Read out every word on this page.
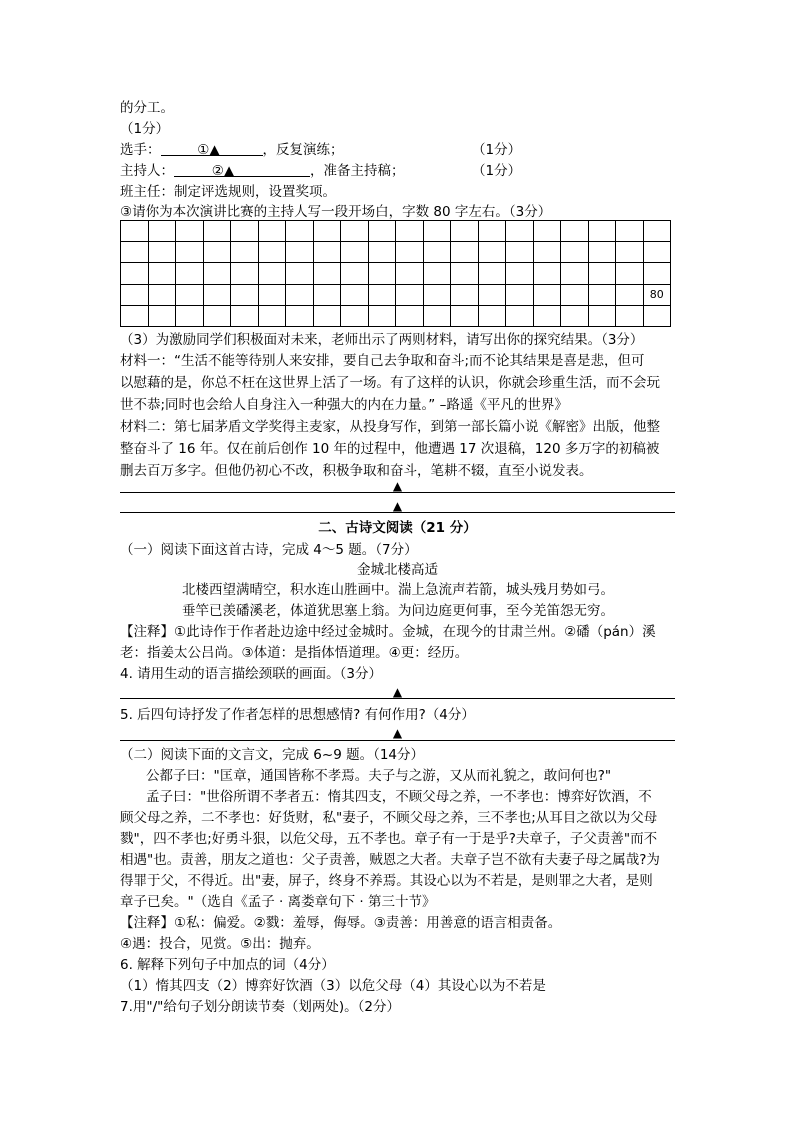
的分工。
（1分）
选手：	①▲	，反复演练；	（1分）
主持人：	②▲	，准备主持稿；	（1分）
班主任：制定评选规则，设置奖项。
③请你为本次演讲比赛的主持人写一段开场白，字数 80 字左右。（3分）

																			80

（3）为激励同学们积极面对未来，老师出示了两则材料，请写出你的探究结果。（3分）
材料一：“生活不能等待别人来安排，要自己去争取和奋斗;而不论其结果是喜是悲，但可
以慰藉的是，你总不枉在这世界上活了一场。有了这样的认识，你就会珍重生活，而不会玩
世不恭;同时也会给人自身注入一种强大的内在力量。” –路遥《平凡的世界》
材料二：第七届茅盾文学奖得主麦家，从投身写作，到第一部长篇小说《解密》出版，他整
整奋斗了 16 年。仅在前后创作 10 年的过程中，他遭遇 17 次退稿，120 多万字的初稿被
删去百万多字。但他仍初心不改，积极争取和奋斗，笔耕不辍，直至小说发表。
▲
▲
二、古诗文阅读（21 分）
（一）阅读下面这首古诗，完成 4～5 题。（7分）
金城北楼高适
北楼西望满晴空，积水连山胜画中。湍上急流声若箭，城头残月势如弓。
垂竿已羡磻溪老，体道犹思塞上翁。为问边庭更何事，至今羌笛怨无穷。
【注释】①此诗作于作者赴边途中经过金城时。金城，在现今的甘肃兰州。②磻（pán）溪
老：指姜太公吕尚。③体道：是指体悟道理。④更：经历。
4. 请用生动的语言描绘颈联的画面。（3分）
▲
5. 后四句诗抒发了作者怎样的思想感情? 有何作用?（4分）
▲
（二）阅读下面的文言文，完成 6~9 题。（14分）
公都子曰："匡章，通国皆称不孝焉。夫子与之游，又从而礼貌之，敢问何也?"
孟子曰："世俗所谓不孝者五：惰其四支，不顾父母之养，一不孝也：博弈好饮酒，不
顾父母之养，二不孝也：好货财，私"妻子，不顾父母之养，三不孝也;从耳目之欲以为父母
戮"，四不孝也;好勇斗狠，以危父母，五不孝也。章子有一于是乎?夫章子，子父责善"而不
相遇"也。责善，朋友之道也：父子责善，贼恩之大者。夫章子岂不欲有夫妻子母之属哉?为
得罪于父，不得近。出"妻，屏子，终身不养焉。其设心以为不若是，是则罪之大者，是则
章子已矣。"（选自《孟子 · 离娄章句下 · 第三十节》
【注释】①私：偏爱。②戮：羞辱，侮辱。③责善：用善意的语言相责备。
④遇：投合，见赏。⑤出：抛弃。
6. 解释下列句子中加点的词（4分）
（1）惰其四支（2）博弈好饮酒（3）以危父母（4）其设心以为不若是
7.用"/"给句子划分朗读节奏（划两处)。（2分）
